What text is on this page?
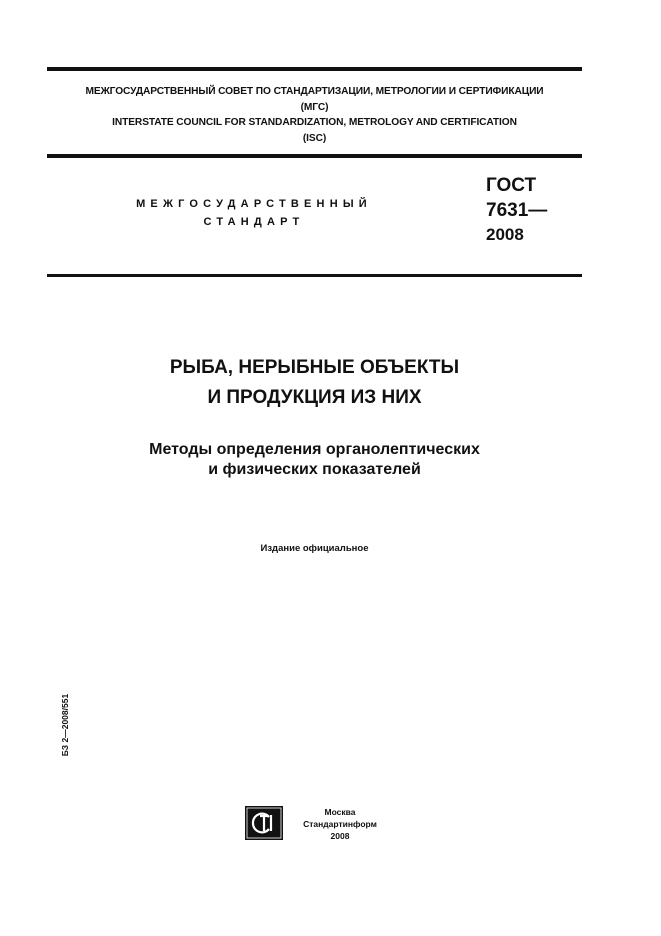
МЕЖГОСУДАРСТВЕННЫЙ СОВЕТ ПО СТАНДАРТИЗАЦИИ, МЕТРОЛОГИИ И СЕРТИФИКАЦИИ
(МГС)
INTERSTATE COUNCIL FOR STANDARDIZATION, METROLOGY AND CERTIFICATION
(ISC)
МЕЖГОСУДАРСТВЕННЫЙ
СТАНДАРТ
ГОСТ
7631 —
2008
РЫБА, НЕРЫБНЫЕ ОБЪЕКТЫ
И ПРОДУКЦИЯ ИЗ НИХ
Методы определения органолептических
и физических показателей
Издание официальное
БЗ 2—2008/551
Москва
Стандартинформ
2008
